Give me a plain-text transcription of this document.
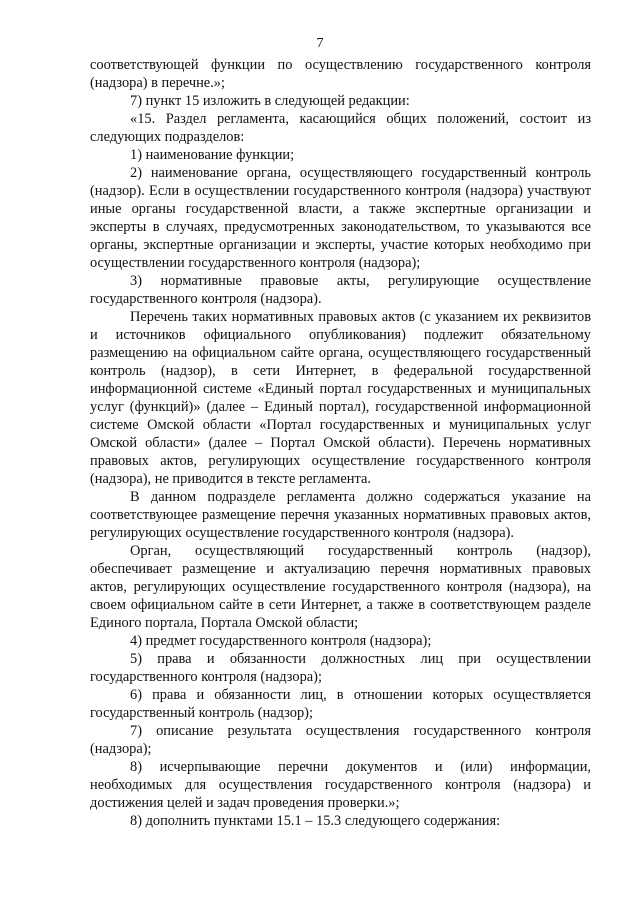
7

соответствующей функции по осуществлению государственного контроля (надзора) в перечне.»;

7) пункт 15 изложить в следующей редакции:

«15. Раздел регламента, касающийся общих положений, состоит из следующих подразделов:

1) наименование функции;

2) наименование органа, осуществляющего государственный контроль (надзор). Если в осуществлении государственного контроля (надзора) участвуют иные органы государственной власти, а также экспертные организации и эксперты в случаях, предусмотренных законодательством, то указываются все органы, экспертные организации и эксперты, участие которых необходимо при осуществлении государственного контроля (надзора);

3) нормативные правовые акты, регулирующие осуществление государственного контроля (надзора).

Перечень таких нормативных правовых актов (с указанием их реквизитов и источников официального опубликования) подлежит обязательному размещению на официальном сайте органа, осуществляющего государственный контроль (надзор), в сети Интернет, в федеральной государственной информационной системе «Единый портал государственных и муниципальных услуг (функций)» (далее – Единый портал), государственной информационной системе Омской области «Портал государственных и муниципальных услуг Омской области» (далее – Портал Омской области). Перечень нормативных правовых актов, регулирующих осуществление государственного контроля (надзора), не приводится в тексте регламента.

В данном подразделе регламента должно содержаться указание на соответствующее размещение перечня указанных нормативных правовых актов, регулирующих осуществление государственного контроля (надзора).

Орган, осуществляющий государственный контроль (надзор), обеспечивает размещение и актуализацию перечня нормативных правовых актов, регулирующих осуществление государственного контроля (надзора), на своем официальном сайте в сети Интернет, а также в соответствующем разделе Единого портала, Портала Омской области;

4) предмет государственного контроля (надзора);

5) права и обязанности должностных лиц при осуществлении государственного контроля (надзора);

6) права и обязанности лиц, в отношении которых осуществляется государственный контроль (надзор);

7) описание результата осуществления государственного контроля (надзора);

8) исчерпывающие перечни документов и (или) информации, необходимых для осуществления государственного контроля (надзора) и достижения целей и задач проведения проверки.»;

8) дополнить пунктами 15.1 – 15.3 следующего содержания:
